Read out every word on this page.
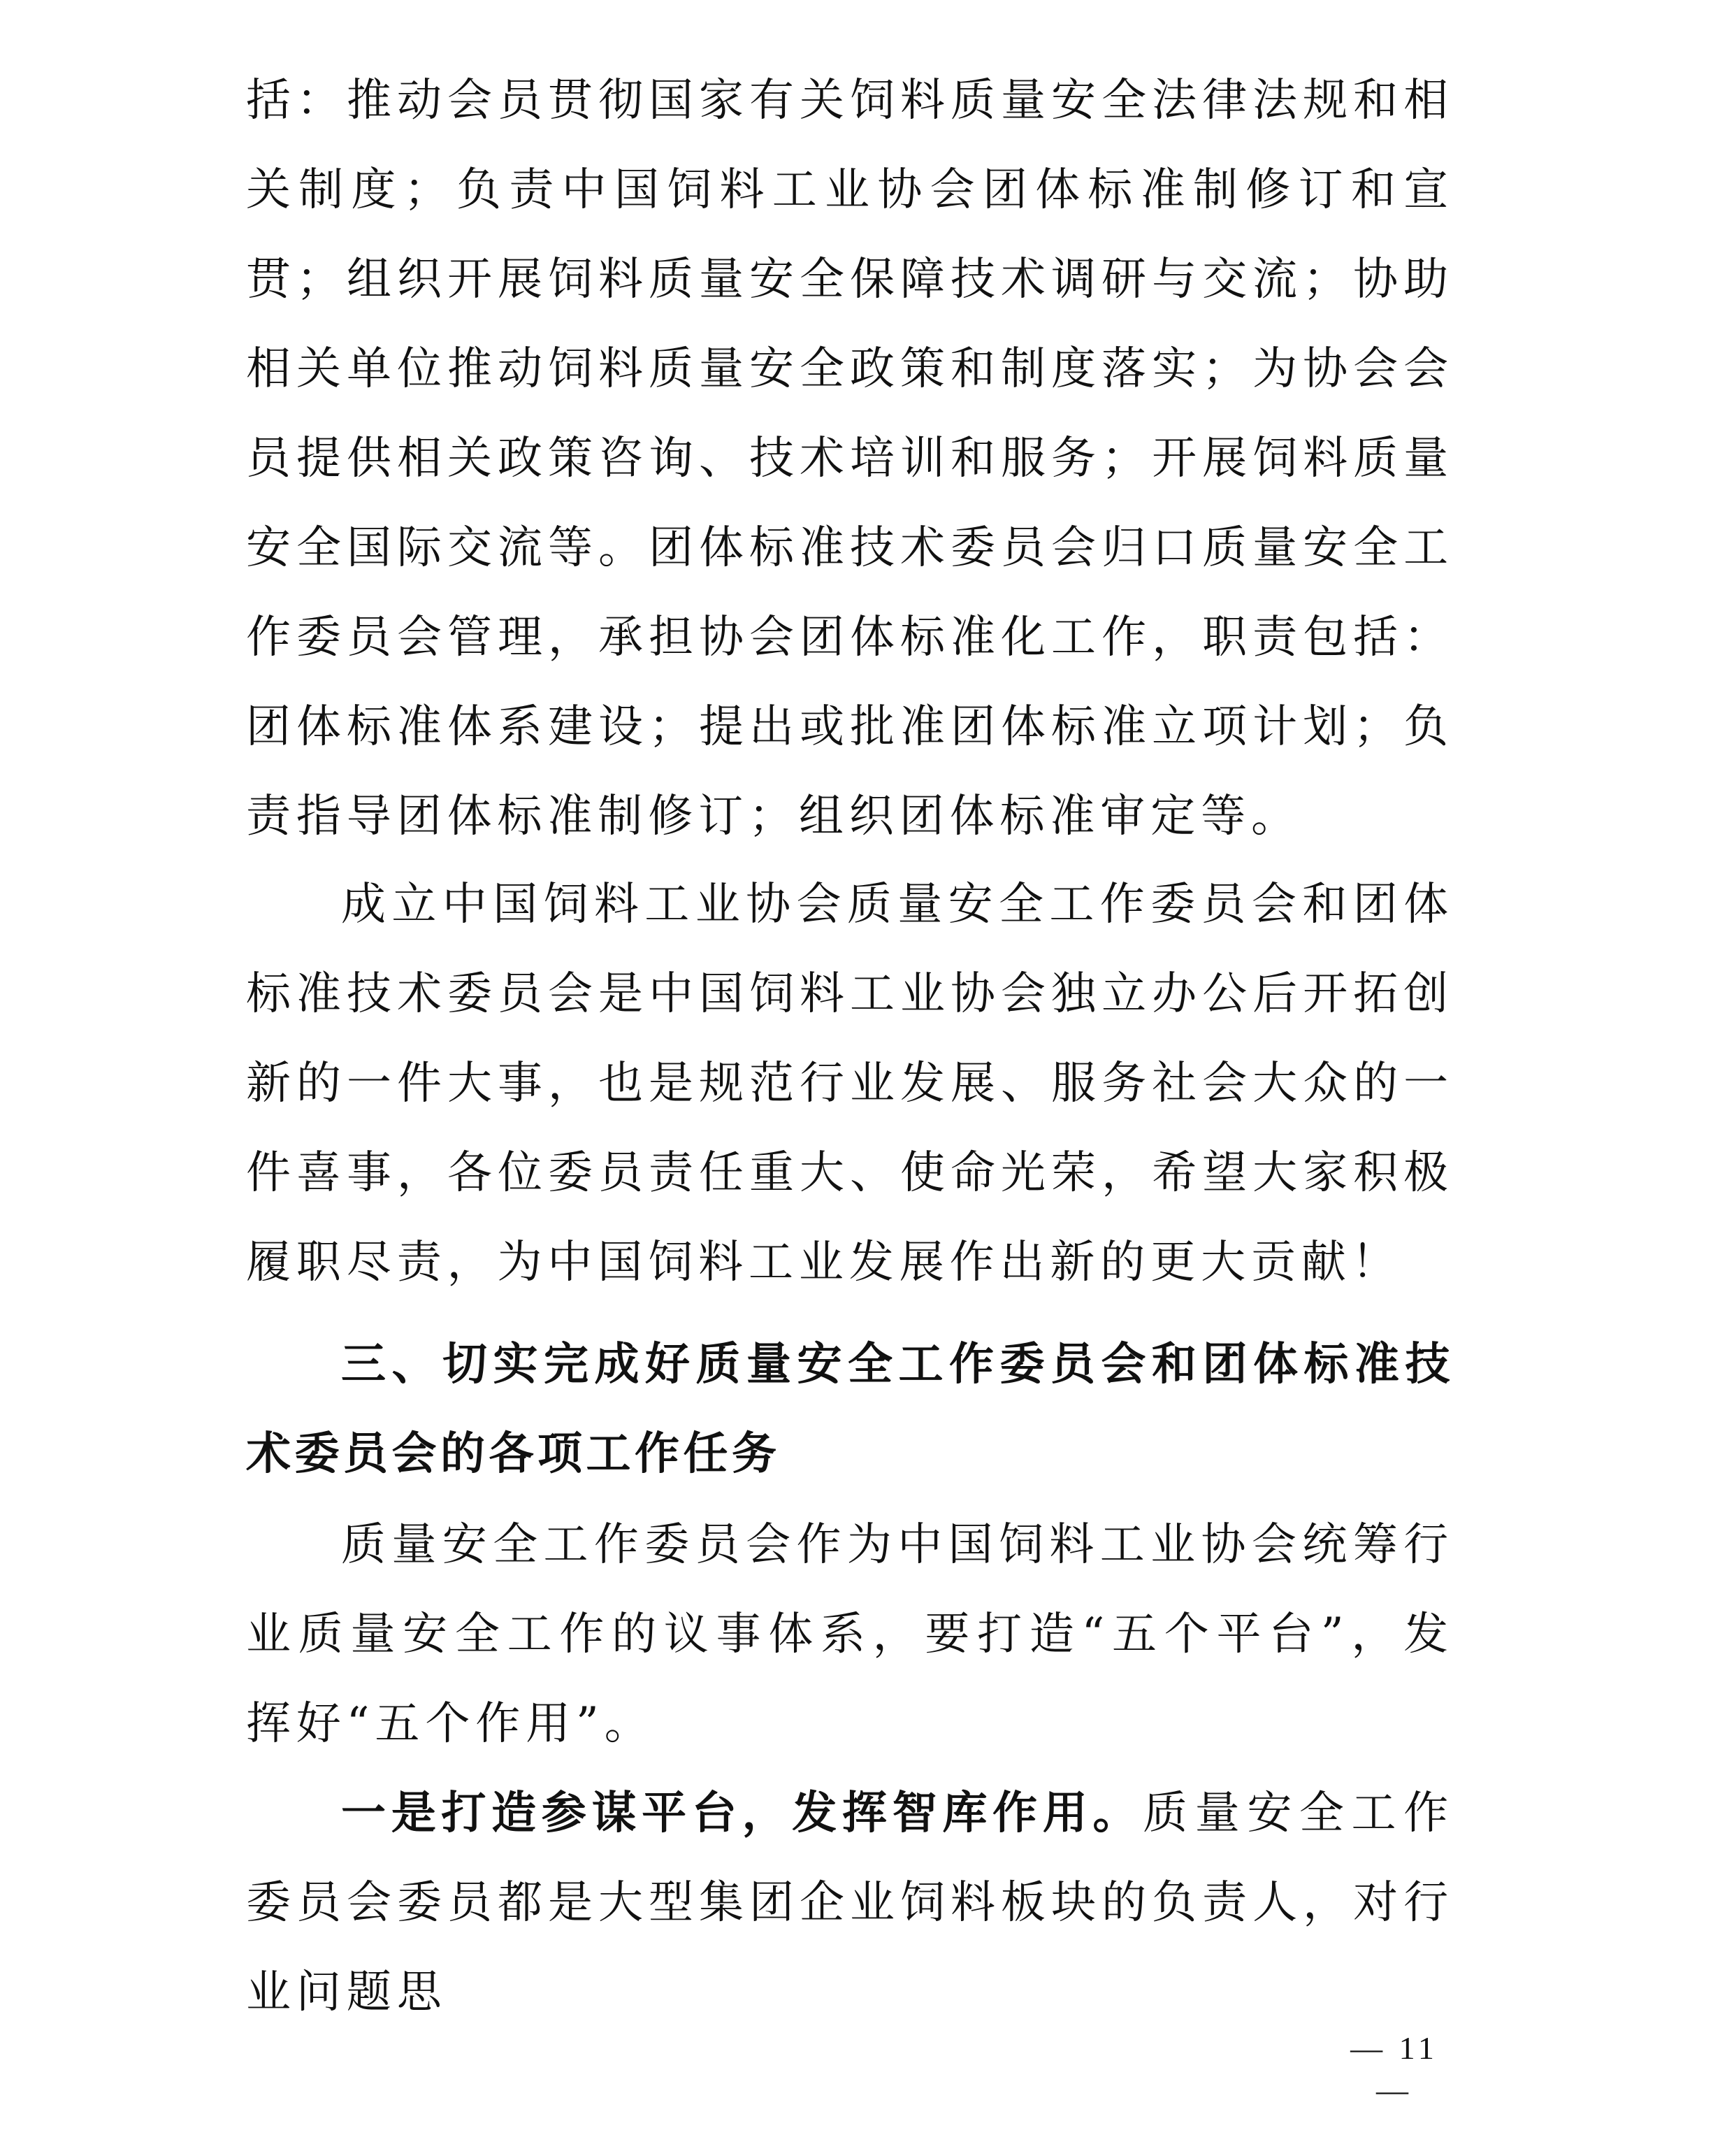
括：推动会员贯彻国家有关饲料质量安全法律法规和相关制度；负责中国饲料工业协会团体标准制修订和宣贯；组织开展饲料质量安全保障技术调研与交流；协助相关单位推动饲料质量安全政策和制度落实；为协会会员提供相关政策咨询、技术培训和服务；开展饲料质量安全国际交流等。团体标准技术委员会归口质量安全工作委员会管理，承担协会团体标准化工作，职责包括：团体标准体系建设；提出或批准团体标准立项计划；负责指导团体标准制修订；组织团体标准审定等。

成立中国饲料工业协会质量安全工作委员会和团体标准技术委员会是中国饲料工业协会独立办公后开拓创新的一件大事，也是规范行业发展、服务社会大众的一件喜事，各位委员责任重大、使命光荣，希望大家积极履职尽责，为中国饲料工业发展作出新的更大贡献！

三、切实完成好质量安全工作委员会和团体标准技术委员会的各项工作任务

质量安全工作委员会作为中国饲料工业协会统筹行业质量安全工作的议事体系，要打造“五个平台”，发挥好“五个作用”。

一是打造参谋平台，发挥智库作用。质量安全工作委员会委员都是大型集团企业饲料板块的负责人，对行业问题思

— 11 —
